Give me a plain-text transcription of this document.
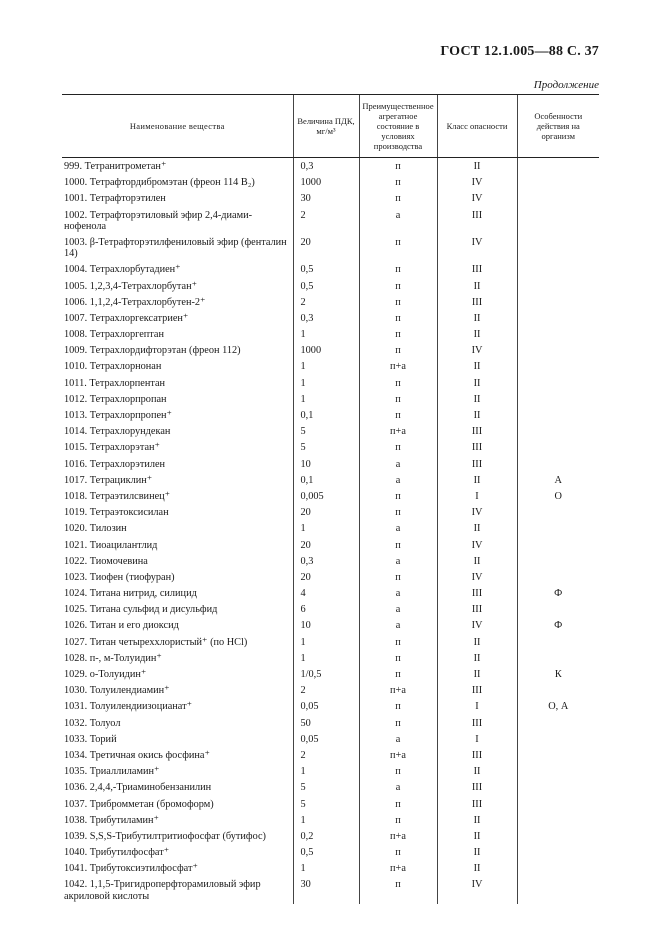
ГОСТ 12.1.005—88 С. 37
Продолжение
Наименование вещества	Величина ПДК, мг/м³	Преимущественное агрегатное состояние в условиях производства	Класс опасности	Особенности действия на организм
999. Тетранитрометан⁺	0,3	п	II	
1000. Тетрафтордибромэтан (фреон 114 В₂)	1000	п	IV	
1001. Тетрафторэтилен	30	п	IV	
1002. Тетрафторэтиловый эфир 2,4-диаминофенола	2	а	III	
1003. β-Тетрафторэтилфениловый эфир (фенталин 14)	20	п	IV	
1004. Тетрахлорбутадиен⁺	0,5	п	III	
1005. 1,2,3,4-Тетрахлорбутан⁺	0,5	п	II	
1006. 1,1,2,4-Тетрахлорбутен-2⁺	2	п	III	
1007. Тетрахлоргексатриен⁺	0,3	п	II	
1008. Тетрахлоргептан	1	п	II	
1009. Тетрахлордифторэтан (фреон 112)	1000	п	IV	
1010. Тетрахлорнонан	1	п+а	II	
1011. Тетрахлорпентан	1	п	II	
1012. Тетрахлорпропан	1	п	II	
1013. Тетрахлорпропен⁺	0,1	п	II	
1014. Тетрахлорундекан	5	п+а	III	
1015. Тетрахлорэтан⁺	5	п	III	
1016. Тетрахлорэтилен	10	а	III	
1017. Тетрациклин⁺	0,1	а	II	А
1018. Тетраэтилсвинец⁺	0,005	п	I	О
1019. Тетраэтоксисилан	20	п	IV	
1020. Тилозин	1	а	II	
1021. Тиоацилантлид	20	п	IV	
1022. Тиомочевина	0,3	а	II	
1023. Тиофен (тиофуран)	20	п	IV	
1024. Титана нитрид, силицид	4	а	III	Ф
1025. Титана сульфид и дисульфид	6	а	III	
1026. Титан и его диоксид	10	а	IV	Ф
1027. Титан четыреххлористый⁺ (по HCl)	1	п	II	
1028. п-, м-Толуидин⁺	1	п	II	
1029. о-Толуидин⁺	1/0,5	п	II	К
1030. Толуилендиамин⁺	2	п+а	III	
1031. Толуилендиизоцианат⁺	0,05	п	I	О, А
1032. Толуол	50	п	III	
1033. Торий	0,05	а	I	
1034. Третичная окись фосфина⁺	2	п+а	III	
1035. Триаллиламин⁺	1	п	II	
1036. 2,4,4,-Триаминобензанилин	5	а	III	
1037. Трибромметан (бромоформ)	5	п	III	
1038. Трибутиламин⁺	1	п	II	
1039. S,S,S-Трибутилтритиофосфат (бутифос)	0,2	п+а	II	
1040. Трибутилфосфат⁺	0,5	п	II	
1041. Трибутоксиэтилфосфат⁺	1	п+а	II	
1042. 1,1,5-Тригидроперфторамиловый эфир акриловой кислоты	30	п	IV	
